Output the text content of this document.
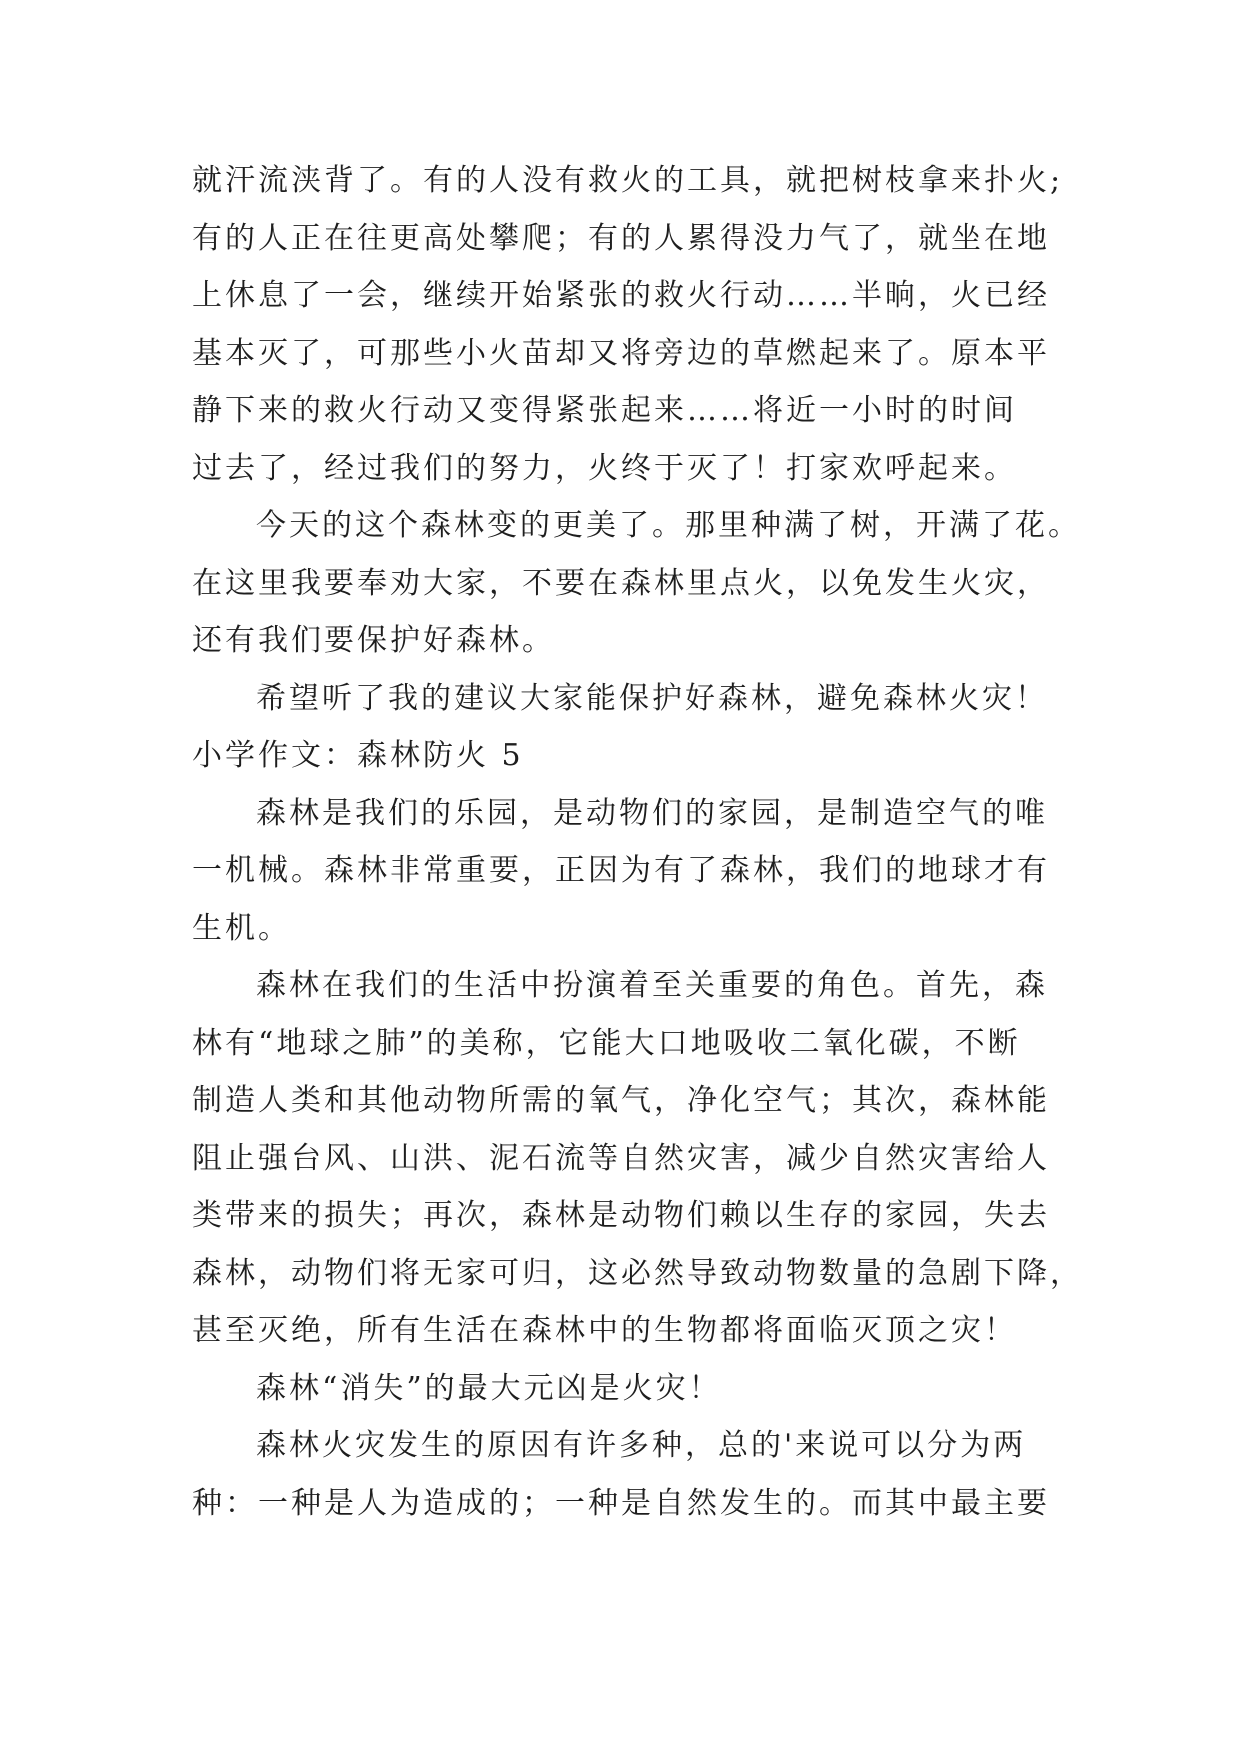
就汗流浃背了。有的人没有救火的工具，就把树枝拿来扑火;
有的人正在往更高处攀爬；有的人累得没力气了，就坐在地
上休息了一会，继续开始紧张的救火行动……半晌，火已经
基本灭了，可那些小火苗却又将旁边的草燃起来了。原本平
静下来的救火行动又变得紧张起来……将近一小时的时间
过去了，经过我们的努力，火终于灭了！打家欢呼起来。
今天的这个森林变的更美了。那里种满了树，开满了花。
在这里我要奉劝大家，不要在森林里点火，以免发生火灾，
还有我们要保护好森林。
希望听了我的建议大家能保护好森林，避免森林火灾！
小学作文：森林防火 5
森林是我们的乐园，是动物们的家园，是制造空气的唯
一机械。森林非常重要，正因为有了森林，我们的地球才有
生机。
森林在我们的生活中扮演着至关重要的角色。首先，森
林有“地球之肺”的美称，它能大口地吸收二氧化碳，不断
制造人类和其他动物所需的氧气，净化空气；其次，森林能
阻止强台风、山洪、泥石流等自然灾害，减少自然灾害给人
类带来的损失；再次，森林是动物们赖以生存的家园，失去
森林，动物们将无家可归，这必然导致动物数量的急剧下降，
甚至灭绝，所有生活在森林中的生物都将面临灭顶之灾！
森林“消失”的最大元凶是火灾！
森林火灾发生的原因有许多种，总的'来说可以分为两
种：一种是人为造成的；一种是自然发生的。而其中最主要
